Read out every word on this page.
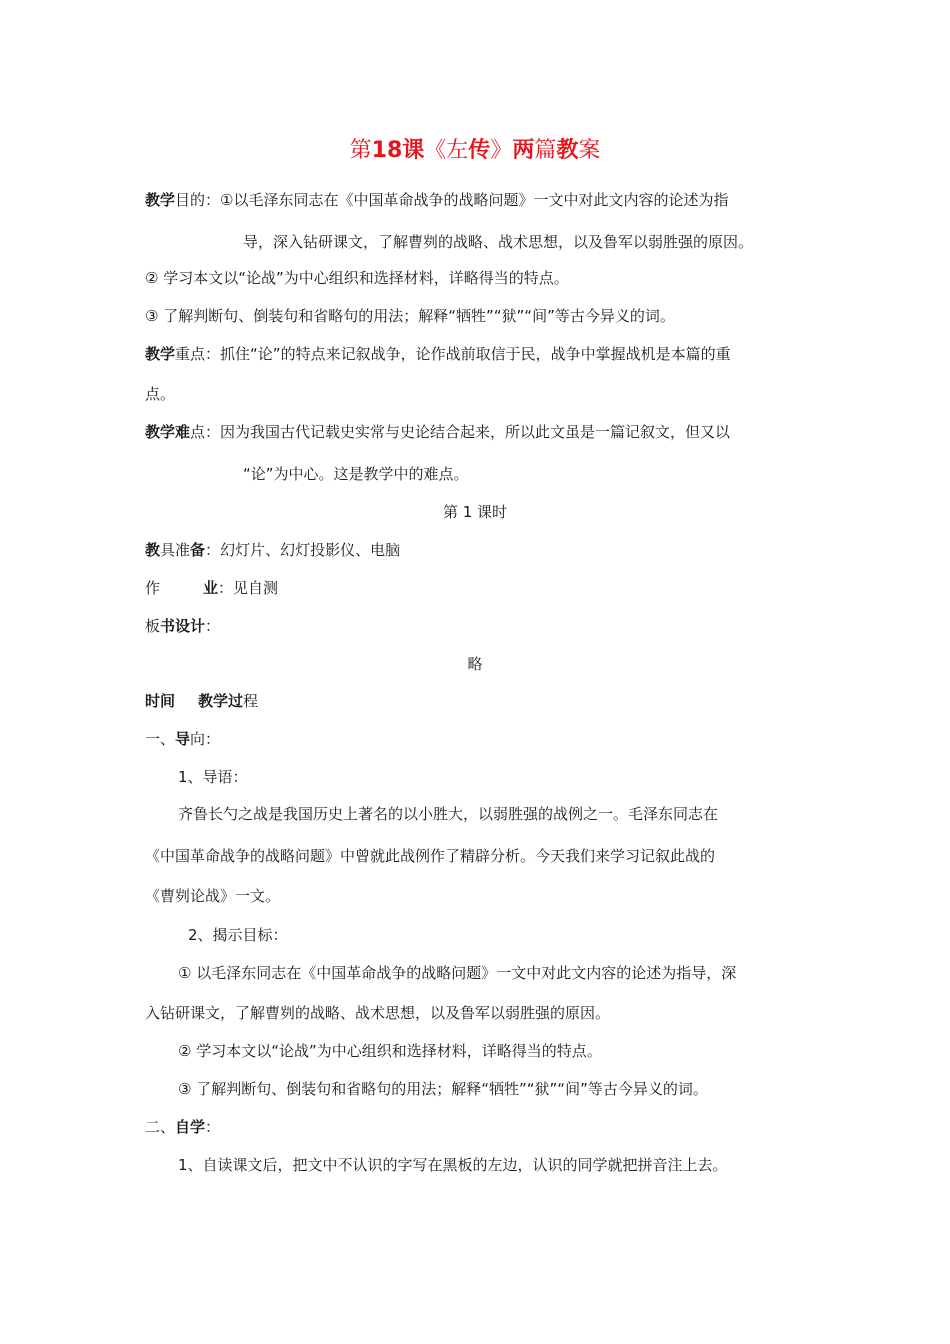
第18课《左传》两篇教案
教学目的：①以毛泽东同志在《中国革命战争的战略问题》一文中对此文内容的论述为指
导，深入钻研课文，了解曹刿的战略、战术思想，以及鲁军以弱胜强的原因。
② 学习本文以“论战”为中心组织和选择材料，详略得当的特点。
③ 了解判断句、倒装句和省略句的用法；解释“牺牲”“狱”“间”等古今异义的词。
教学重点：抓住“论”的特点来记叙战争，论作战前取信于民，战争中掌握战机是本篇的重
点。
教学难点：因为我国古代记载史实常与史论结合起来，所以此文虽是一篇记叙文，但又以
“论”为中心。这是教学中的难点。
第 1 课时
教具准备：幻灯片、幻灯投影仪、电脑
作	业：见自测
板书设计：
略
时间 教学过程
一、导向：
1、导语：
齐鲁长勺之战是我国历史上著名的以小胜大，以弱胜强的战例之一。毛泽东同志在
《中国革命战争的战略问题》中曾就此战例作了精辟分析。今天我们来学习记叙此战的
《曹刿论战》一文。
2、揭示目标：
① 以毛泽东同志在《中国革命战争的战略问题》一文中对此文内容的论述为指导，深
入钻研课文，了解曹刿的战略、战术思想，以及鲁军以弱胜强的原因。
② 学习本文以“论战”为中心组织和选择材料，详略得当的特点。
③ 了解判断句、倒装句和省略句的用法；解释“牺牲”“狱”“间”等古今异义的词。
二、自学：
1、自读课文后，把文中不认识的字写在黑板的左边，认识的同学就把拼音注上去。
